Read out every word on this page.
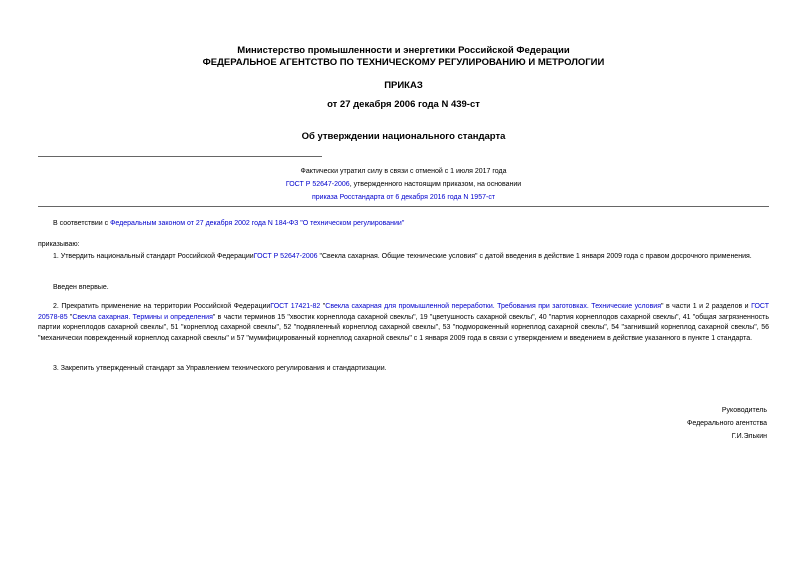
Министерство промышленности и энергетики Российской Федерации
ФЕДЕРАЛЬНОЕ АГЕНТСТВО ПО ТЕХНИЧЕСКОМУ РЕГУЛИРОВАНИЮ И МЕТРОЛОГИИ
ПРИКАЗ
от 27 декабря 2006 года N 439-ст
Об утверждении национального стандарта
Фактически утратил силу в связи с отменой с 1 июля 2017 года
ГОСТ Р 52647-2006, утвержденного настоящим приказом, на основании
приказа Росстандарта от 6 декабря 2016 года N 1957-ст
В соответствии с Федеральным законом от 27 декабря 2002 года N 184-ФЗ "О техническом регулировании"
приказываю:
1. Утвердить национальный стандарт Российской ФедерацииГОСТ Р 52647-2006 "Свекла сахарная. Общие технические условия" с датой введения в действие 1 января 2009 года с правом досрочного применения.
Введен впервые.
2. Прекратить применение на территории Российской ФедерацииГОСТ 17421-82 "Свекла сахарная для промышленной переработки. Требования при заготовках. Технические условия" в части 1 и 2 разделов и ГОСТ 20578-85 "Свекла сахарная. Термины и определения" в части терминов 15 "хвостик корнеплода сахарной свеклы", 19 "цветушность сахарной свеклы", 40 "партия корнеплодов сахарной свеклы", 41 "общая загрязненность партии корнеплодов сахарной свеклы", 51 "корнеплод сахарной свеклы", 52 "подвяленный корнеплод сахарной свеклы", 53 "подмороженный корнеплод сахарной свеклы", 54 "загнивший корнеплод сахарной свеклы", 56 "механически поврежденный корнеплод сахарной свеклы" и 57 "мумифицированный корнеплод сахарной свеклы" с 1 января 2009 года в связи с утверждением и введением в действие указанного в пункте 1 стандарта.
3. Закрепить утвержденный стандарт за Управлением технического регулирования и стандартизации.
Руководитель
Федерального агентства
Г.И.Элькин
